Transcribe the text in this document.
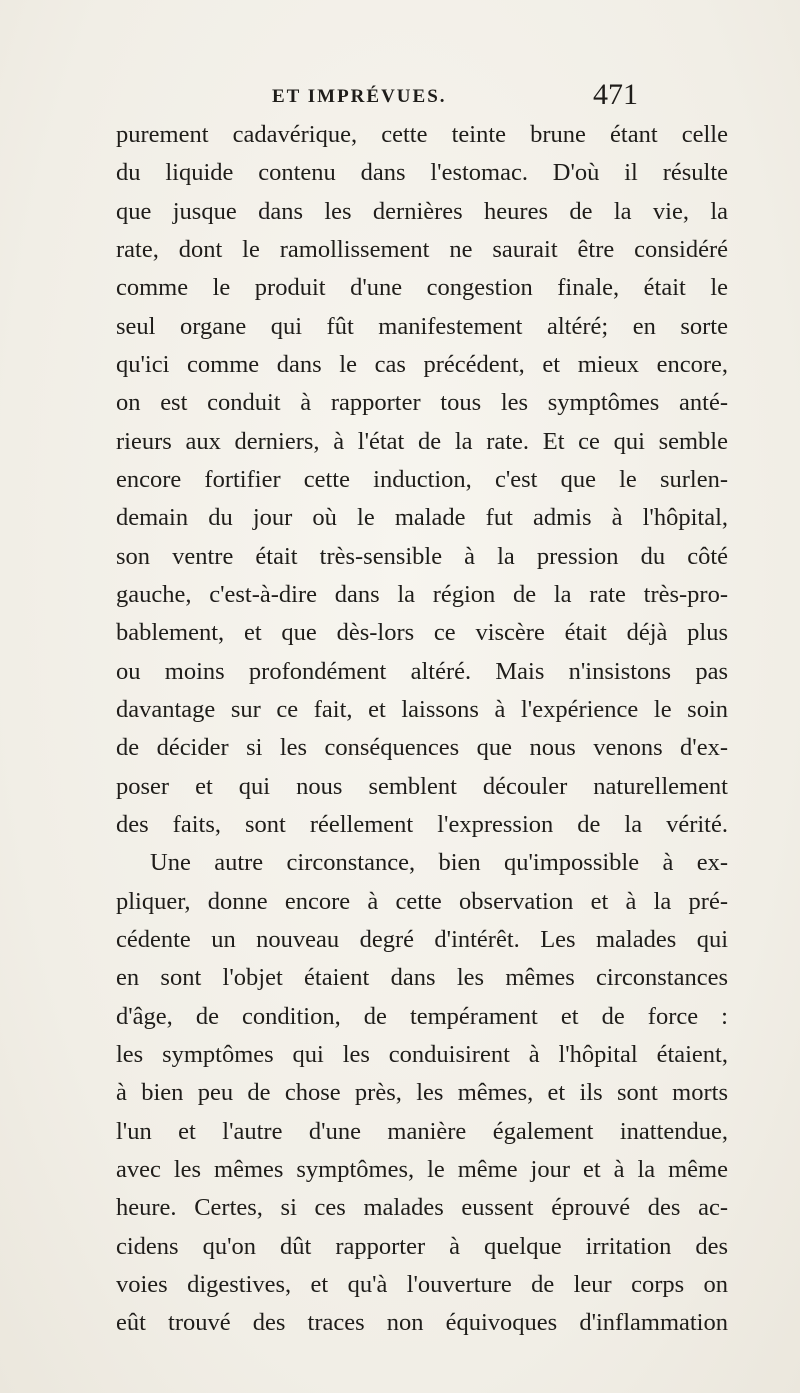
ET IMPRÉVUES.	471
purement cadavérique, cette teinte brune étant celle
du liquide contenu dans l'estomac. D'où il résulte
que jusque dans les dernières heures de la vie, la
rate, dont le ramollissement ne saurait être considéré
comme le produit d'une congestion finale, était le
seul organe qui fût manifestement altéré; en sorte
qu'ici comme dans le cas précédent, et mieux encore,
on est conduit à rapporter tous les symptômes anté-
rieurs aux derniers, à l'état de la rate. Et ce qui semble
encore fortifier cette induction, c'est que le surlen-
demain du jour où le malade fut admis à l'hôpital,
son ventre était très-sensible à la pression du côté
gauche, c'est-à-dire dans la région de la rate très-pro-
bablement, et que dès-lors ce viscère était déjà plus
ou moins profondément altéré. Mais n'insistons pas
davantage sur ce fait, et laissons à l'expérience le soin
de décider si les conséquences que nous venons d'ex-
poser et qui nous semblent découler naturellement
des faits, sont réellement l'expression de la vérité.
Une autre circonstance, bien qu'impossible à ex-
pliquer, donne encore à cette observation et à la pré-
cédente un nouveau degré d'intérêt. Les malades qui
en sont l'objet étaient dans les mêmes circonstances
d'âge, de condition, de tempérament et de force :
les symptômes qui les conduisirent à l'hôpital étaient,
à bien peu de chose près, les mêmes, et ils sont morts
l'un et l'autre d'une manière également inattendue,
avec les mêmes symptômes, le même jour et à la même
heure. Certes, si ces malades eussent éprouvé des ac-
cidens qu'on dût rapporter à quelque irritation des
voies digestives, et qu'à l'ouverture de leur corps on
eût trouvé des traces non équivoques d'inflammation
